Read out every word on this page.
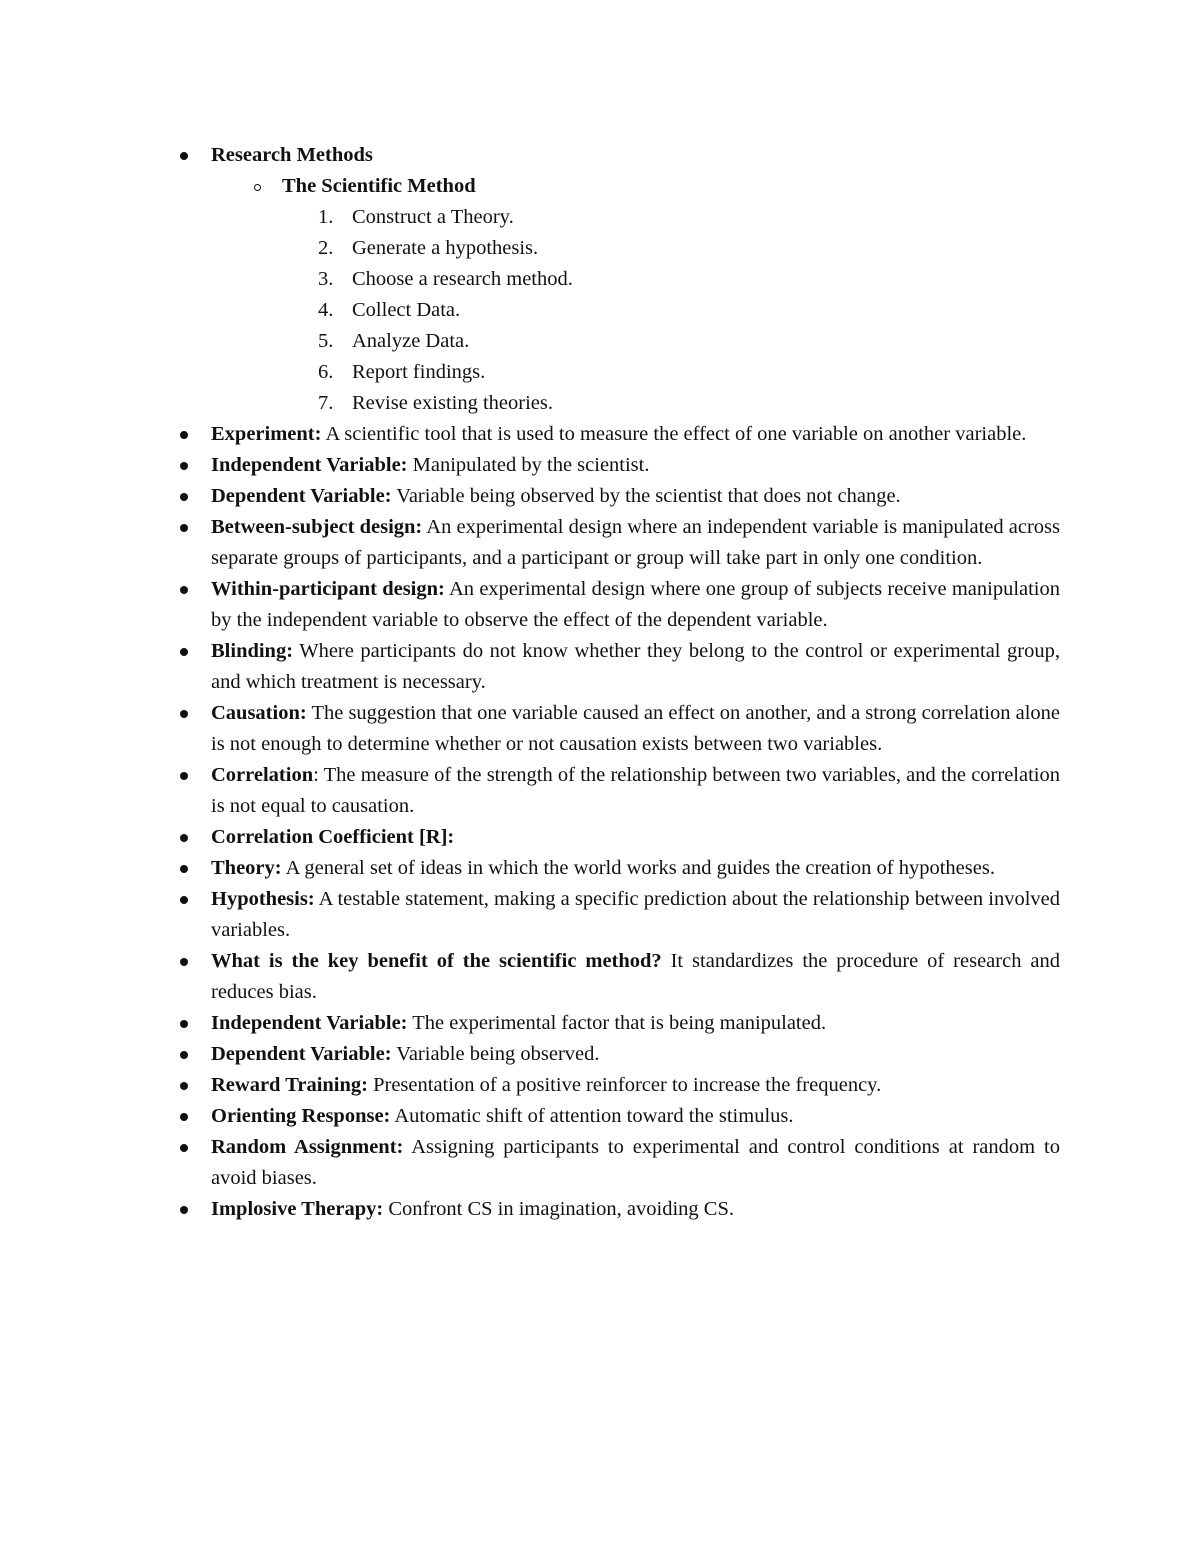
Research Methods
The Scientific Method
1. Construct a Theory.
2. Generate a hypothesis.
3. Choose a research method.
4. Collect Data.
5. Analyze Data.
6. Report findings.
7. Revise existing theories.
Experiment: A scientific tool that is used to measure the effect of one variable on another variable.
Independent Variable: Manipulated by the scientist.
Dependent Variable: Variable being observed by the scientist that does not change.
Between-subject design: An experimental design where an independent variable is manipulated across separate groups of participants, and a participant or group will take part in only one condition.
Within-participant design: An experimental design where one group of subjects receive manipulation by the independent variable to observe the effect of the dependent variable.
Blinding: Where participants do not know whether they belong to the control or experimental group, and which treatment is necessary.
Causation: The suggestion that one variable caused an effect on another, and a strong correlation alone is not enough to determine whether or not causation exists between two variables.
Correlation: The measure of the strength of the relationship between two variables, and the correlation is not equal to causation.
Correlation Coefficient [R]:
Theory: A general set of ideas in which the world works and guides the creation of hypotheses.
Hypothesis: A testable statement, making a specific prediction about the relationship between involved variables.
What is the key benefit of the scientific method? It standardizes the procedure of research and reduces bias.
Independent Variable: The experimental factor that is being manipulated.
Dependent Variable: Variable being observed.
Reward Training: Presentation of a positive reinforcer to increase the frequency.
Orienting Response: Automatic shift of attention toward the stimulus.
Random Assignment: Assigning participants to experimental and control conditions at random to avoid biases.
Implosive Therapy: Confront CS in imagination, avoiding CS.
